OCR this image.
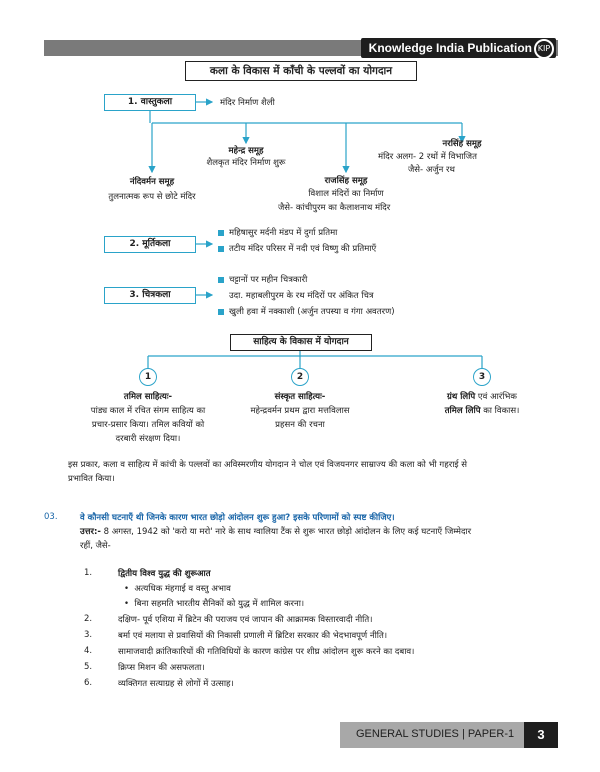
Knowledge India Publication KIP
कला के विकास में काँची के पल्लवों का योगदान
1. वास्तुकला	मंदिर निर्माण शैली
महेन्द्र समूह
शैलकृत मंदिर निर्माण शुरू
नरसिंह समूह
मंदिर अलग- 2 रथों में विभाजित
जैसे- अर्जुन रथ
नंदिवर्मन समूह
तुलनात्मक रूप से छोटे मंदिर
राजसिंह समूह
विशाल मंदिरों का निर्माण
जैसे- कांचीपुरम का कैलाशनाथ मंदिर
2. मूर्तिकला
महिषासुर मर्दनी मंडप में दुर्गा प्रतिमा
तटीय मंदिर परिसर में नदी एवं विष्णु की प्रतिमाएँ
3. चित्रकला
चट्टानों पर महीन चित्रकारी
उदा. महाबलीपुरम के रथ मंदिरों पर अंकित चित्र
खुली हवा में नक्काशी (अर्जुन तपस्या व गंगा अवतरण)
साहित्य के विकास में योगदान
1	2	3
तमिल साहित्यः-
पांड्य काल में रचित संगम साहित्य का
प्रचार-प्रसार किया। तमिल कवियों को
दरबारी संरक्षण दिया।
संस्कृत साहित्यः-
महेन्द्रवर्मन प्रथम द्वारा मत्तविलास
प्रहसन की रचना
ग्रंथ लिपि एवं आरंभिक
तमिल लिपि का विकास।
इस प्रकार, कला व साहित्य में कांची के पल्लवों का अविस्मरणीय योगदान ने चोल एवं विजयनगर साम्राज्य की कला को भी गहराई से
प्रभावित किया।
03.	वे कौनसी घटनाएँ थी जिनके कारण भारत छोड़ो आंदोलन शुरू हुआ? इसके परिणामों को स्पष्ट कीजिए।
उत्तर:- 8 अगस्त, 1942 को 'करो या मरो' नारे के साथ ग्वालिया टैंक से शुरू भारत छोड़ो आंदोलन के लिए कई घटनाएँ जिम्मेदार
रहीं, जैसे-
1.	द्वितीय विश्व युद्ध की शुरूआत
•  अत्यधिक मंहगाई व वस्तु अभाव
•  बिना सहमति भारतीय सैनिकों को युद्ध में शामिल करना।
2.	दक्षिण- पूर्व एशिया में ब्रिटेन की पराजय एवं जापान की आक्रामक विस्तारवादी नीति।
3.	बर्मा एवं मलाया से प्रवासियों की निकासी प्रणाली में ब्रिटिश सरकार की भेदभावपूर्ण नीति।
4.	सामाजवादी क्रांतिकारियों की गतिविधियों के कारण कांग्रेस पर शीघ्र आंदोलन शुरू करने का दबाव।
5.	क्रिप्स मिशन की असफलता।
6.	व्यक्तिगत सत्याग्रह से लोगों में उत्साह।
GENERAL STUDIES | PAPER-1	3
